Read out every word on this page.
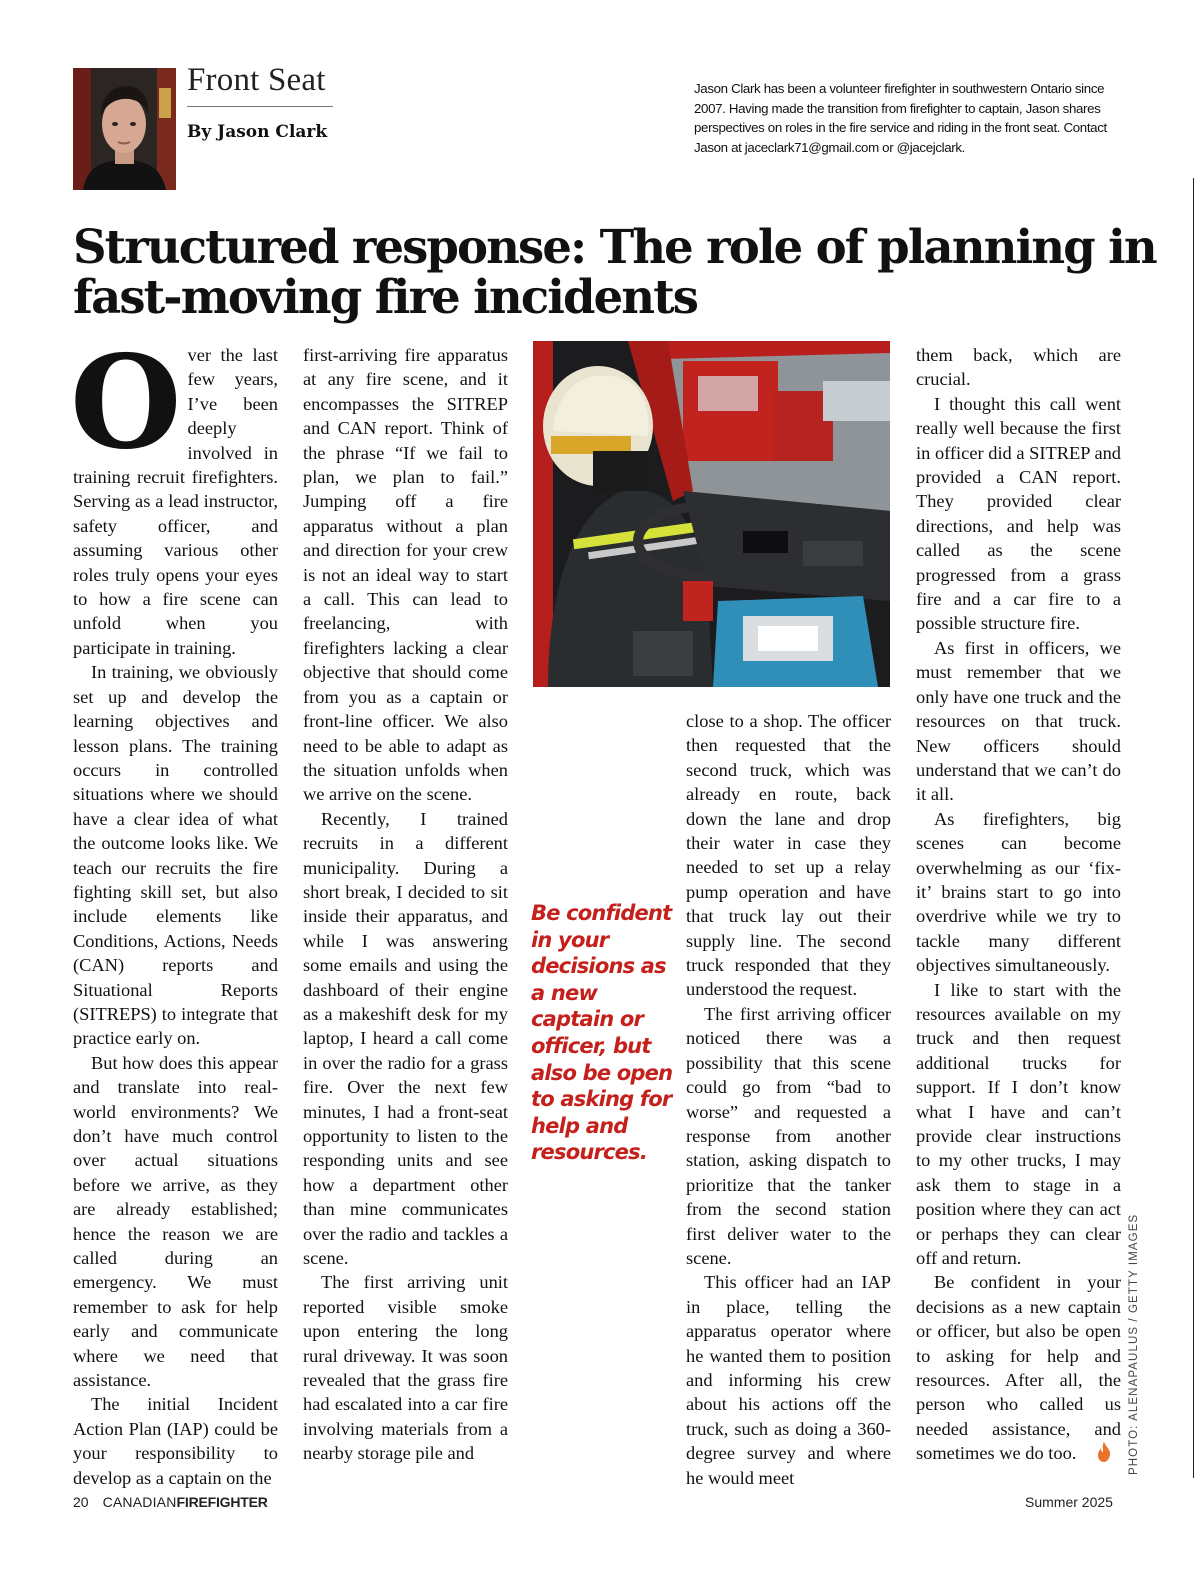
Front Seat
By Jason Clark
Jason Clark has been a volunteer firefighter in southwestern Ontario since 2007. Having made the transition from firefighter to captain, Jason shares perspectives on roles in the fire service and riding in the front seat. Contact Jason at jaceclark71@gmail.com or @jacejclark.
Structured response: The role of planning in fast-moving fire incidents
O ver the last few years, I’ve been deeply involved in training recruit firefighters. Serving as a lead instructor, safety officer, and assuming various other roles truly opens your eyes to how a fire scene can unfold when you participate in training.

In training, we obviously set up and develop the learning objectives and lesson plans. The training occurs in controlled situations where we should have a clear idea of what the outcome looks like. We teach our recruits the fire fighting skill set, but also include elements like Conditions, Actions, Needs (CAN) reports and Situational Reports (SITREPS) to integrate that practice early on.

But how does this appear and translate into real-world environments? We don’t have much control over actual situations before we arrive, as they are already established; hence the reason we are called during an emergency. We must remember to ask for help early and communicate where we need that assistance.

The initial Incident Action Plan (IAP) could be your responsibility to develop as a captain on the

first-arriving fire apparatus at any fire scene, and it encompasses the SITREP and CAN report. Think of the phrase “If we fail to plan, we plan to fail.” Jumping off a fire apparatus without a plan and direction for your crew is not an ideal way to start a call. This can lead to freelancing, with firefighters lacking a clear objective that should come from you as a captain or front-line officer. We also need to be able to adapt as the situation unfolds when we arrive on the scene.

Recently, I trained recruits in a different municipality. During a short break, I decided to sit inside their apparatus, and while I was answering some emails and using the dashboard of their engine as a makeshift desk for my laptop, I heard a call come in over the radio for a grass fire. Over the next few minutes, I had a front-seat opportunity to listen to the responding units and see how a department other than mine communicates over the radio and tackles a scene.

The first arriving unit reported visible smoke upon entering the long rural driveway. It was soon revealed that the grass fire had escalated into a car fire involving materials from a nearby storage pile and

Be confident in your decisions as a new captain or officer, but also be open to asking for help and resources.

close to a shop. The officer then requested that the second truck, which was already en route, back down the lane and drop their water in case they needed to set up a relay pump operation and have that truck lay out their supply line. The second truck responded that they understood the request.

The first arriving officer noticed there was a possibility that this scene could go from “bad to worse” and requested a response from another station, asking dispatch to prioritize that the tanker from the second station first deliver water to the scene.

This officer had an IAP in place, telling the apparatus operator where he wanted them to position and informing his crew about his actions off the truck, such as doing a 360-degree survey and where he would meet

them back, which are crucial.

I thought this call went really well because the first in officer did a SITREP and provided a CAN report. They provided clear directions, and help was called as the scene progressed from a grass fire and a car fire to a possible structure fire.

As first in officers, we must remember that we only have one truck and the resources on that truck. New officers should understand that we can’t do it all.

As firefighters, big scenes can become overwhelming as our ‘fix-it’ brains start to go into overdrive while we try to tackle many different objectives simultaneously.

I like to start with the resources available on my truck and then request additional trucks for support. If I don’t know what I have and can’t provide clear instructions to my other trucks, I may ask them to stage in a position where they can act or perhaps they can clear off and return.

Be confident in your decisions as a new captain or officer, but also be open to asking for help and resources. After all, the person who called us needed assistance, and sometimes we do too.	PHOTO: ALENAPAULUS / GETTY IMAGES
20 CANADIANFIREFIGHTER	Summer 2025
